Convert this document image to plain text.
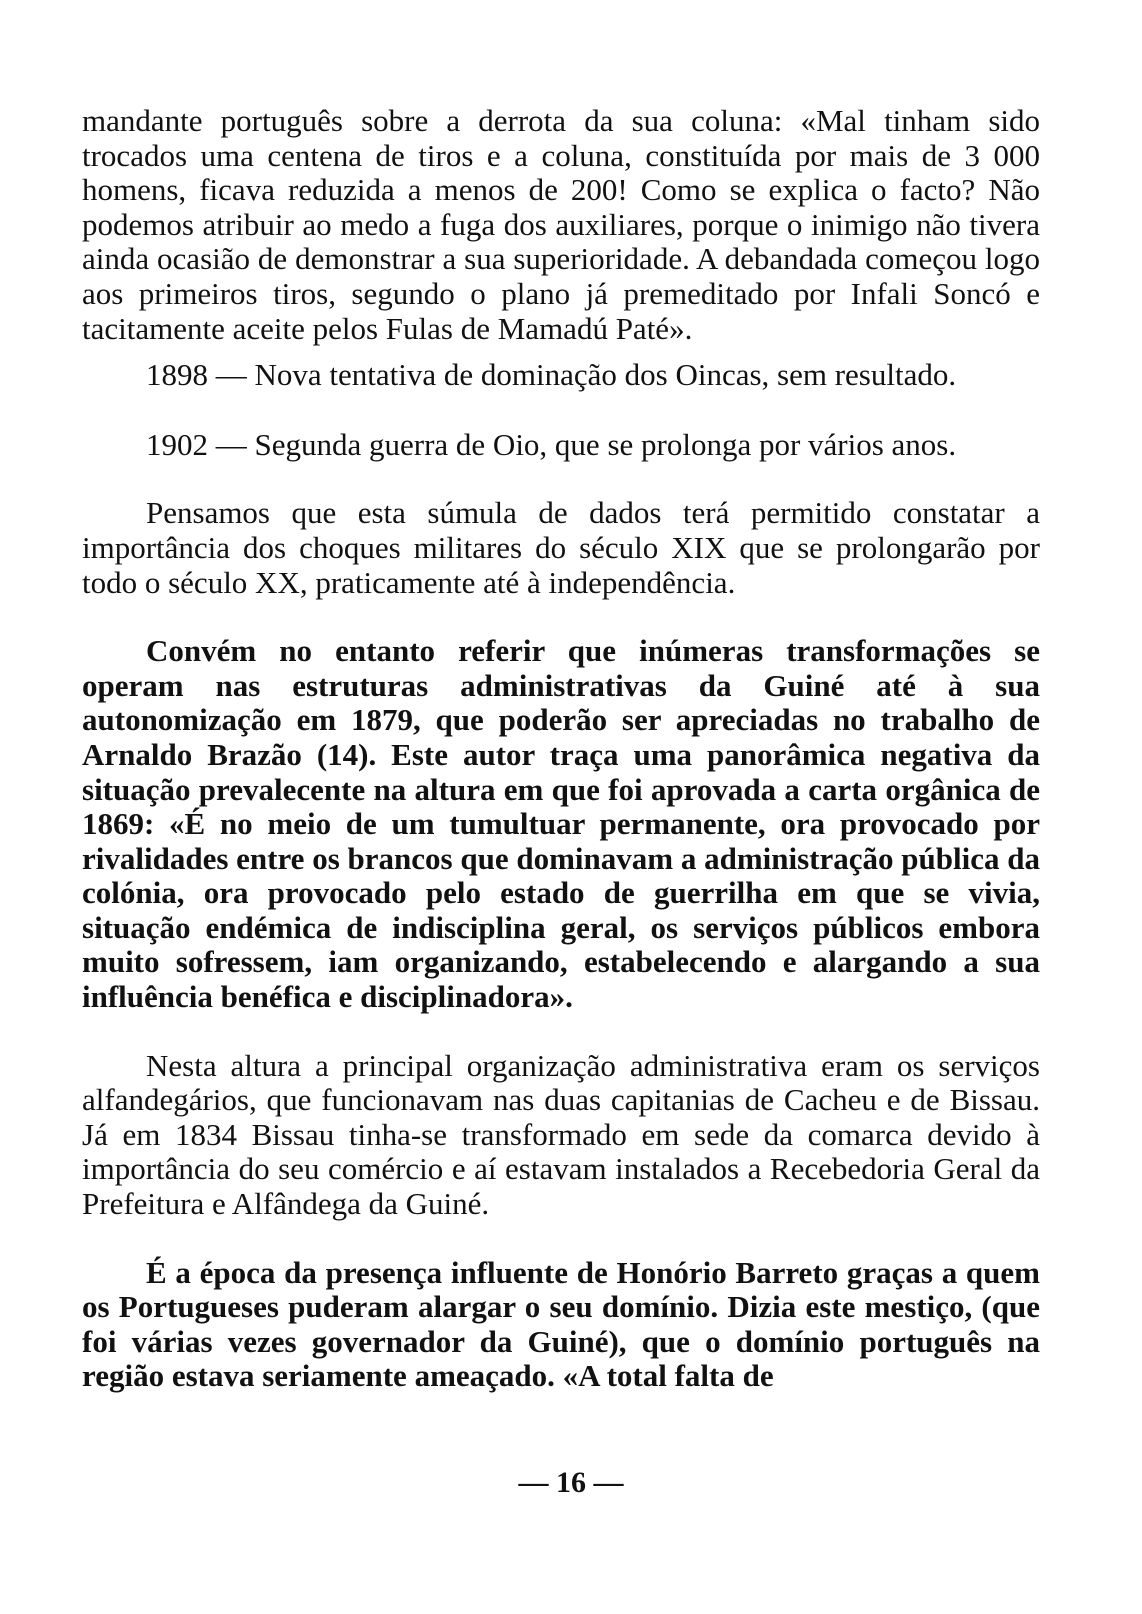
mandante português sobre a derrota da sua coluna: «Mal tinham sido trocados uma centena de tiros e a coluna, constituída por mais de 3 000 homens, ficava reduzida a menos de 200! Como se explica o facto? Não podemos atribuir ao medo a fuga dos auxiliares, porque o inimigo não tivera ainda ocasião de demonstrar a sua superioridade. A debandada começou logo aos primeiros tiros, segundo o plano já premeditado por Infali Soncó e tacitamente aceite pelos Fulas de Mamadú Paté».

1898 — Nova tentativa de dominação dos Oincas, sem resultado.

1902 — Segunda guerra de Oio, que se prolonga por vários anos.

Pensamos que esta súmula de dados terá permitido constatar a importância dos choques militares do século XIX que se prolongarão por todo o século XX, praticamente até à independência.

Convém no entanto referir que inúmeras transformações se operam nas estruturas administrativas da Guiné até à sua autonomização em 1879, que poderão ser apreciadas no trabalho de Arnaldo Brazão (14). Este autor traça uma panorâmica negativa da situação prevalecente na altura em que foi aprovada a carta orgânica de 1869: «É no meio de um tumultuar permanente, ora provocado por rivalidades entre os brancos que dominavam a administração pública da colónia, ora provocado pelo estado de guerrilha em que se vivia, situação endémica de indisciplina geral, os serviços públicos embora muito sofressem, iam organizando, estabelecendo e alargando a sua influência benéfica e disciplinadora».

Nesta altura a principal organização administrativa eram os serviços alfandegários, que funcionavam nas duas capitanias de Cacheu e de Bissau. Já em 1834 Bissau tinha-se transformado em sede da comarca devido à importância do seu comércio e aí estavam instalados a Recebedoria Geral da Prefeitura e Alfândega da Guiné.

É a época da presença influente de Honório Barreto graças a quem os Portugueses puderam alargar o seu domínio. Dizia este mestiço, (que foi várias vezes governador da Guiné), que o domínio português na região estava seriamente ameaçado. «A total falta de

— 16 —
